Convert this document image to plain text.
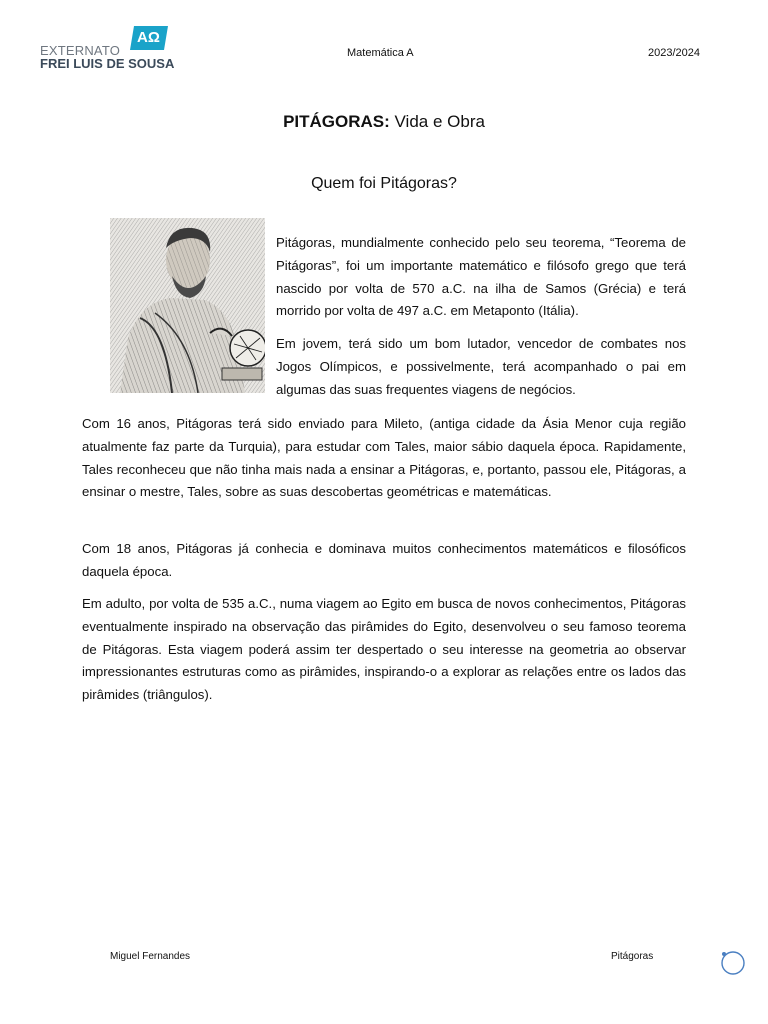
AΩ
EXTERNATO
FREI LUIS DE SOUSA
Matemática A	2023/2024
PITÁGORAS: Vida e Obra
Quem foi Pitágoras?
Pitágoras, mundialmente conhecido pelo seu teorema, “Teorema de Pitágoras”, foi um importante matemático e filósofo grego que terá nascido por volta de 570 a.C. na ilha de Samos (Grécia) e terá morrido por volta de 497 a.C. em Metaponto (Itália).
Em jovem, terá sido um bom lutador, vencedor de combates nos Jogos Olímpicos, e possivelmente, terá acompanhado o pai em algumas das suas frequentes viagens de negócios.
Com 16 anos, Pitágoras terá sido enviado para Mileto, (antiga cidade da Ásia Menor cuja região atualmente faz parte da Turquia), para estudar com Tales, maior sábio daquela época. Rapidamente, Tales reconheceu que não tinha mais nada a ensinar a Pitágoras, e, portanto, passou ele, Pitágoras, a ensinar o mestre, Tales, sobre as suas descobertas geométricas e matemáticas.
Com 18 anos, Pitágoras já conhecia e dominava muitos conhecimentos matemáticos e filosóficos daquela época.
Em adulto, por volta de 535 a.C., numa viagem ao Egito em busca de novos conhecimentos, Pitágoras eventualmente inspirado na observação das pirâmides do Egito, desenvolveu o seu famoso teorema de Pitágoras. Esta viagem poderá assim ter despertado o seu interesse na geometria ao observar impressionantes estruturas como as pirâmides, inspirando-o a explorar as relações entre os lados das pirâmides (triângulos).
Miguel Fernandes	Pitágoras
